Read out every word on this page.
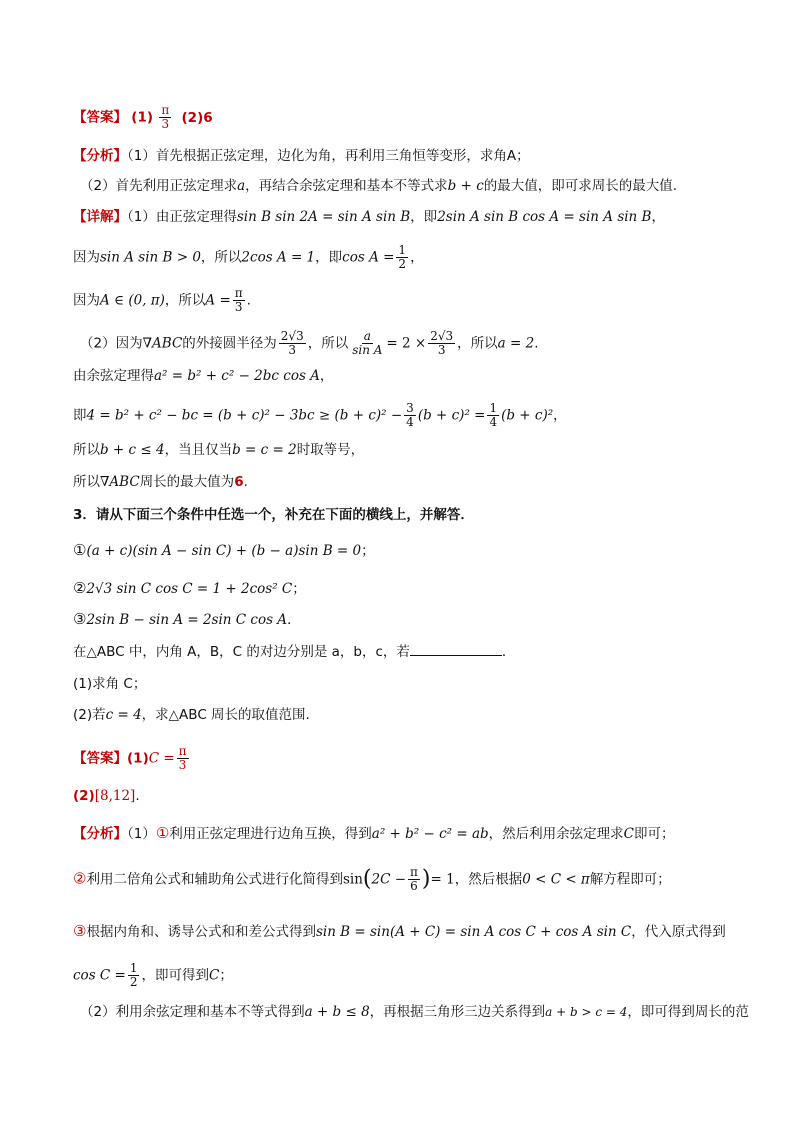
【答案】 $(1) \frac{\pi}{3} (2)6$
【分析】（1）首先根据正弦定理，边化为角，再利用三角恒等变形，求角A；
（2）首先利用正弦定理求a，再结合余弦定理和基本不等式求b + c的最大值，即可求周长的最大值.
【详解】（1）由正弦定理得sin B sin 2A = sin A sin B，即2sin A sin B cos A = sin A sin B，
因为sin A sin B > 0，所以2cos A = 1，即$\cos A = \frac{1}{2}$ ，
因为A ∈ (0, π)，所以$A = \frac{\pi}{3}$ .
（2）因为∇ABC的外接圆半径为 $\frac{2√3}{3}$ ，所以 $\frac{a}{\text{sin A}} = 2 \times \frac{2√3}{3}$ ，所以a = 2.
由余弦定理得a² = b² + c² − 2bc cos A，
即4 = b² + c² − bc = $(b + c)^2 - 3bc \ge (b + c)^2 - \frac{3}{4} (b + c)^2 = \frac{1}{4} (b + c)^2$，
所以b + c ≤ 4，当且仅当b = c = 2时取等号，
所以∇ABC周长的最大值为6.
3．请从下面三个条件中任选一个，补充在下面的横线上，并解答．
①(a + c)(sin A − sin C) + (b − a)sin B = 0；
②2√3 sin C cos C = 1 + 2cos² C；
③2sin B − sin A = 2sin C cos A．
在△ABC 中，内角 A，B，C 的对边分别是 a，b，c，若	．
(1)求角 C；
(2)若c = 4，求△ABC 周长的取值范围.
【答案】$(1)C = \frac{\pi}{3}$
(2)[8,12].
【分析】（1）①利用正弦定理进行边角互换，得到a² + b² − c² = ab，然后利用余弦定理求C即可；
②利用二倍角公式和辅助角公式进行化简得到$\sin(2C - \frac{\pi}{6}$ )= 1，然后根据0 < C < π解方程即可；
③根据内角和、诱导公式和和差公式得到sin B = sin(A + C) = sin A cos C + cos A sin C，代入原式得到
$\cos C = \frac{1}{2}$ ，即可得到C；
（2）利用余弦定理和基本不等式得到a + b ≤ 8，再根据三角形三边关系得到a + b > c = 4，即可得到周长的范
